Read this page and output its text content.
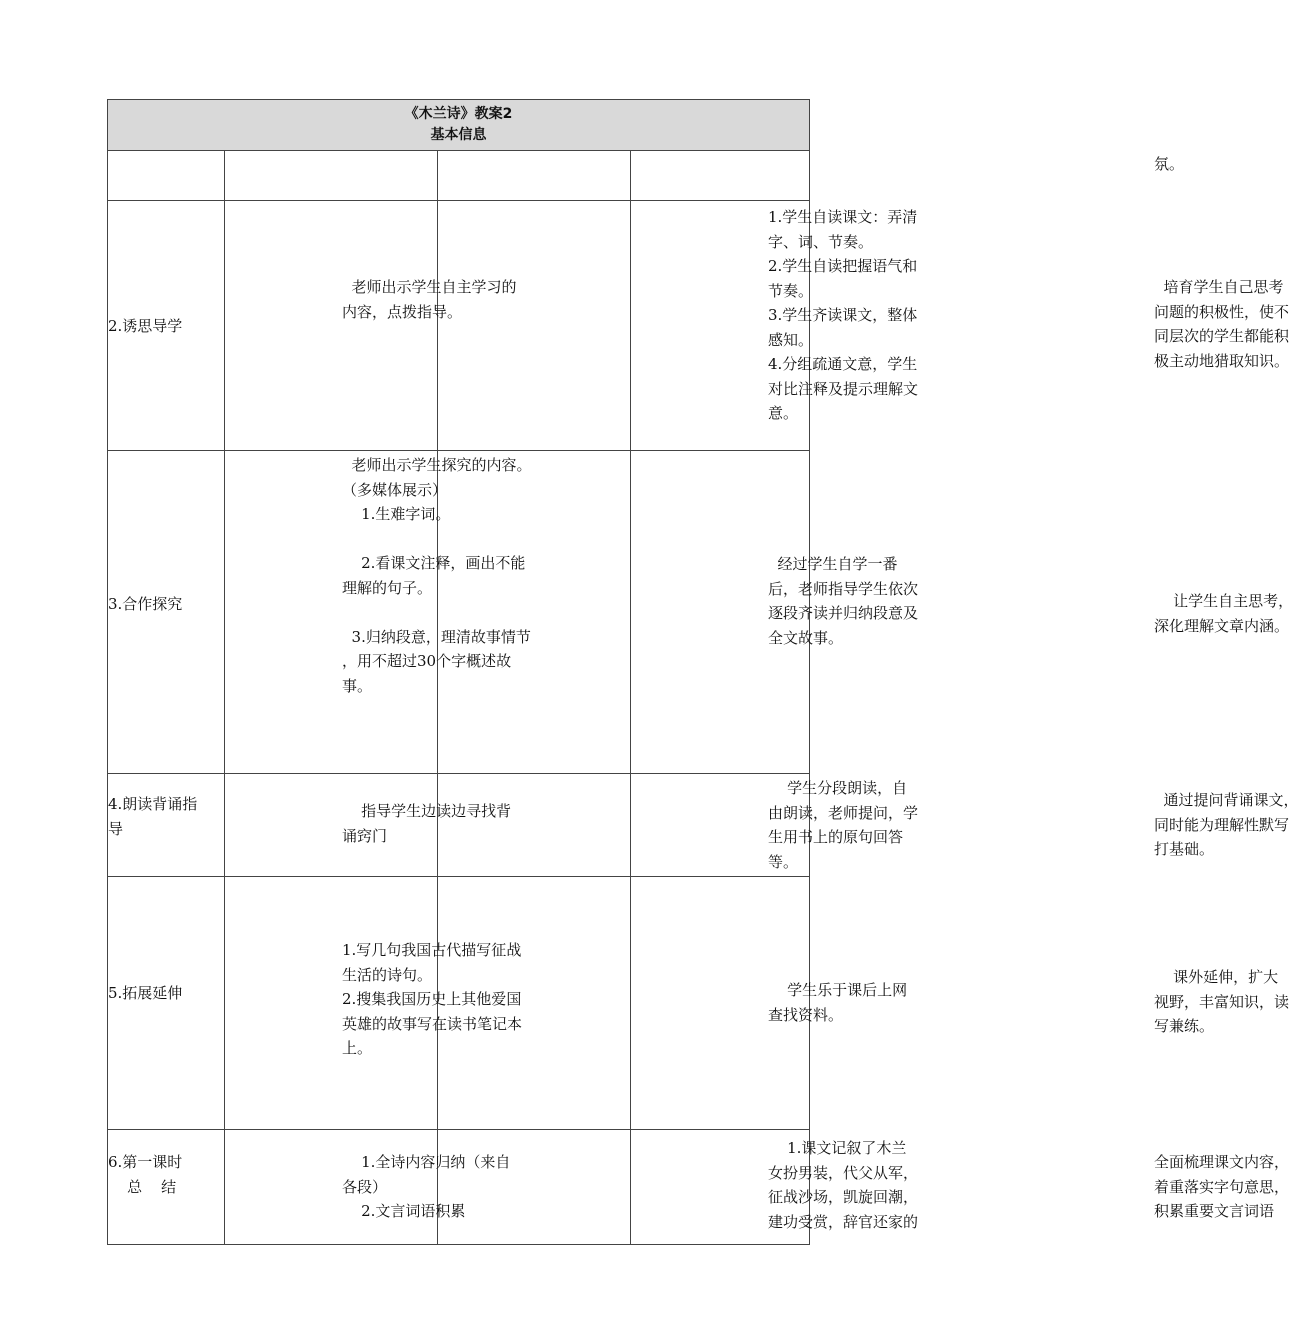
《木兰诗》教案2
基本信息
氛。
2.诱思导学
老师出示学生自主学习的
内容，点拨指导。
1.学生自读课文：弄清
字、词、节奏。
2.学生自读把握语气和
节奏。
3.学生齐读课文，整体
感知。
4.分组疏通文意，学生
对比注释及提示理解文
意。
培育学生自己思考
问题的积极性，使不
同层次的学生都能积
极主动地猎取知识。
3.合作探究
老师出示学生探究的内容。
（多媒体展示）
1.生难字词。

2.看课文注释，画出不能
理解的句子。

3.归纳段意，理清故事情节
，用不超过30个字概述故
事。
经过学生自学一番
后，老师指导学生依次
逐段齐读并归纳段意及
全文故事。
让学生自主思考，
深化理解文章内涵。
4.朗读背诵指
导
指导学生边读边寻找背
诵窍门
学生分段朗读，自
由朗读，老师提问，学
生用书上的原句回答
等。
通过提问背诵课文，
同时能为理解性默写
打基础。
5.拓展延伸
1.写几句我国古代描写征战
生活的诗句。
2.搜集我国历史上其他爱国
英雄的故事写在读书笔记本
上。
学生乐于课后上网
查找资料。
课外延伸，扩大
视野，丰富知识，读
写兼练。
6.第一课时
总    结
1.全诗内容归纳（来自
各段）
2.文言词语积累
1.课文记叙了木兰
女扮男装，代父从军，
征战沙场，凯旋回潮，
建功受赏，辞官还家的
全面梳理课文内容，
着重落实字句意思，
积累重要文言词语
